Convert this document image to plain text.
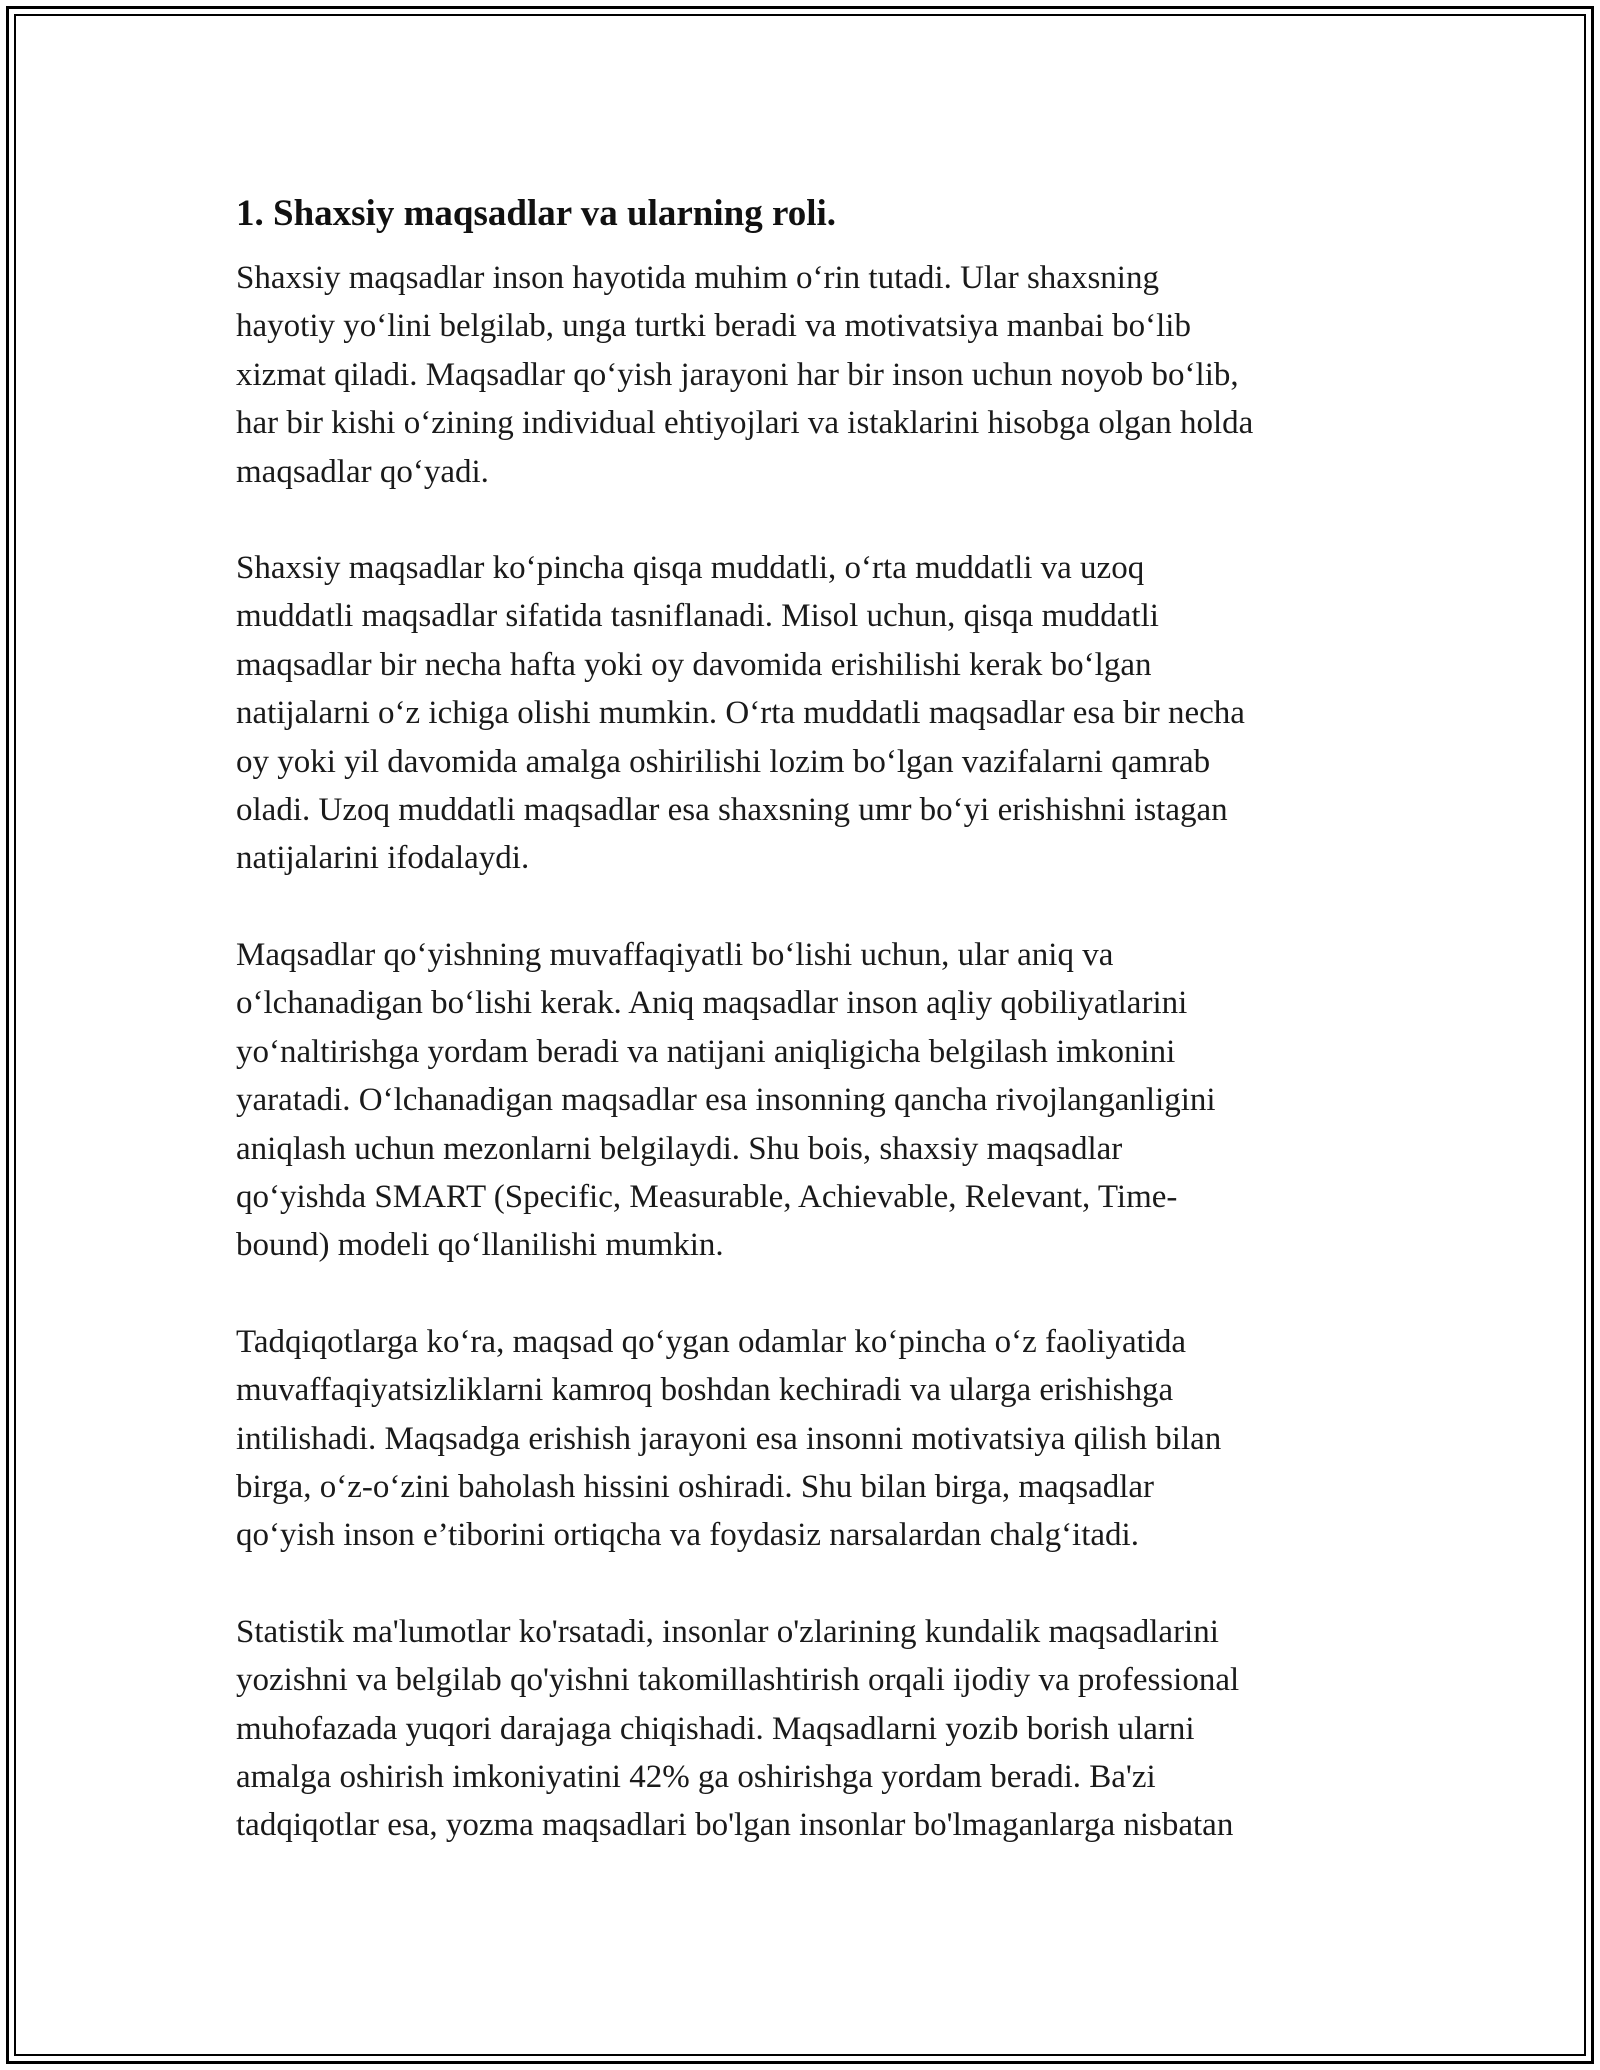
1. Shaxsiy maqsadlar va ularning roli.

Shaxsiy maqsadlar inson hayotida muhim o‘rin tutadi. Ular shaxsning
hayotiy yo‘lini belgilab, unga turtki beradi va motivatsiya manbai bo‘lib
xizmat qiladi. Maqsadlar qo‘yish jarayoni har bir inson uchun noyob bo‘lib,
har bir kishi o‘zining individual ehtiyojlari va istaklarini hisobga olgan holda
maqsadlar qo‘yadi.

Shaxsiy maqsadlar ko‘pincha qisqa muddatli, o‘rta muddatli va uzoq
muddatli maqsadlar sifatida tasniflanadi. Misol uchun, qisqa muddatli
maqsadlar bir necha hafta yoki oy davomida erishilishi kerak bo‘lgan
natijalarni o‘z ichiga olishi mumkin. O‘rta muddatli maqsadlar esa bir necha
oy yoki yil davomida amalga oshirilishi lozim bo‘lgan vazifalarni qamrab
oladi. Uzoq muddatli maqsadlar esa shaxsning umr bo‘yi erishishni istagan
natijalarini ifodalaydi.

Maqsadlar qo‘yishning muvaffaqiyatli bo‘lishi uchun, ular aniq va
o‘lchanadigan bo‘lishi kerak. Aniq maqsadlar inson aqliy qobiliyatlarini
yo‘naltirishga yordam beradi va natijani aniqligicha belgilash imkonini
yaratadi. O‘lchanadigan maqsadlar esa insonning qancha rivojlanganligini
aniqlash uchun mezonlarni belgilaydi. Shu bois, shaxsiy maqsadlar
qo‘yishda SMART (Specific, Measurable, Achievable, Relevant, Time-
bound) modeli qo‘llanilishi mumkin.

Tadqiqotlarga ko‘ra, maqsad qo‘ygan odamlar ko‘pincha o‘z faoliyatida
muvaffaqiyatsizliklarni kamroq boshdan kechiradi va ularga erishishga
intilishadi. Maqsadga erishish jarayoni esa insonni motivatsiya qilish bilan
birga, o‘z-o‘zini baholash hissini oshiradi. Shu bilan birga, maqsadlar
qo‘yish inson e’tiborini ortiqcha va foydasiz narsalardan chalg‘itadi.

Statistik ma'lumotlar ko'rsatadi, insonlar o'zlarining kundalik maqsadlarini
yozishni va belgilab qo'yishni takomillashtirish orqali ijodiy va professional
muhofazada yuqori darajaga chiqishadi. Maqsadlarni yozib borish ularni
amalga oshirish imkoniyatini 42% ga oshirishga yordam beradi. Ba'zi
tadqiqotlar esa, yozma maqsadlari bo'lgan insonlar bo'lmaganlarga nisbatan
